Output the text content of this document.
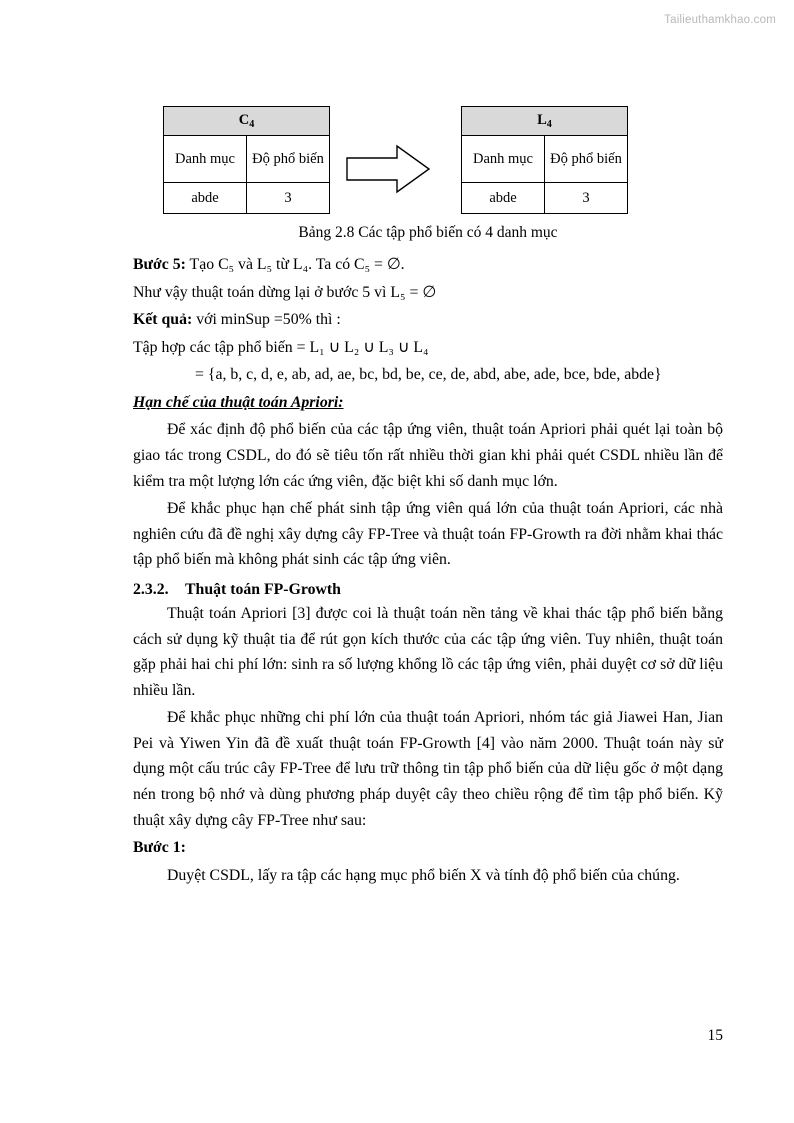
Tailieuthamkhao.com
$C_4$
Danh mục	Độ phổ biến
abde	3
$L_4$
Danh mục	Độ phổ biến
abde	3
Bảng 2.8 Các tập phổ biến có 4 danh mục

Bước 5: Tạo C₅ và L₅ từ L₄. Ta có C₅ = ∅.

Như vậy thuật toán dừng lại ở bước 5 vì L₅ = ∅

Kết quả: với minSup =50% thì :

Tập hợp các tập phổ biến = L₁ ∪ L₂ ∪ L₃ ∪ L₄

= {a, b, c, d, e, ab, ad, ae, bc, bd, be, ce, de, abd, abe, ade, bce, bde, abde}

Hạn chế của thuật toán Apriori:

Để xác định độ phổ biến của các tập ứng viên, thuật toán Apriori phải quét lại toàn bộ giao tác trong CSDL, do đó sẽ tiêu tốn rất nhiều thời gian khi phải quét CSDL nhiều lần để kiểm tra một lượng lớn các ứng viên, đặc biệt khi số danh mục lớn.

Để khắc phục hạn chế phát sinh tập ứng viên quá lớn của thuật toán Apriori, các nhà nghiên cứu đã đề nghị xây dựng cây FP-Tree và thuật toán FP-Growth ra đời nhằm khai thác tập phổ biến mà không phát sinh các tập ứng viên.

2.3.2. Thuật toán FP-Growth

Thuật toán Apriori [3] được coi là thuật toán nền tảng về khai thác tập phổ biến bằng cách sử dụng kỹ thuật tia để rút gọn kích thước của các tập ứng viên. Tuy nhiên, thuật toán gặp phải hai chi phí lớn: sinh ra số lượng khổng lồ các tập ứng viên, phải duyệt cơ sở dữ liệu nhiều lần.

Để khắc phục những chi phí lớn của thuật toán Apriori, nhóm tác giả Jiawei Han, Jian Pei và Yiwen Yin đã đề xuất thuật toán FP-Growth [4] vào năm 2000. Thuật toán này sử dụng một cấu trúc cây FP-Tree để lưu trữ thông tin tập phổ biến của dữ liệu gốc ở một dạng nén trong bộ nhớ và dùng phương pháp duyệt cây theo chiều rộng để tìm tập phổ biến. Kỹ thuật xây dựng cây FP-Tree như sau:

Bước 1:

Duyệt CSDL, lấy ra tập các hạng mục phổ biến X và tính độ phổ biến của chúng.

15
